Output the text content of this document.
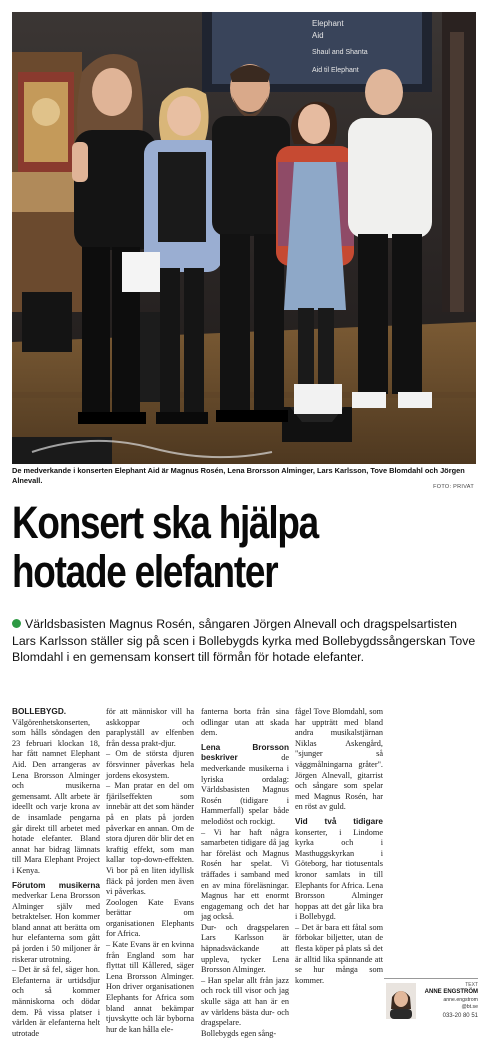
Elephant
Aid
Shaul and Shanta
Aid til Elephant
De medverkande i konserten Elephant Aid är Magnus Rosén, Lena Brorsson Alminger, Lars Karlsson, Tove Blomdahl och Jörgen Alnevall.
FOTO: PRIVAT
Konsert ska hjälpa
hotade elefanter
Världsbasisten Magnus Rosén, sångaren Jörgen Alnevall och dragspelsartisten Lars Karlsson ställer sig på scen i Bollebygds kyrka med Bollebygdssångerskan Tove Blomdahl i en gemensam konsert till förmån för hotade elefanter.

BOLLEBYGD. Välgörenhetskonserten, som hålls söndagen den 23 februari klockan 18, har fått namnet Elephant Aid. Den arrangeras av Lena Brorsson Alminger och musikerna gemensamt. Allt arbete är ideellt och varje krona av de insamlade pengarna går direkt till arbetet med hotade elefanter. Bland annat har bidrag lämnats till Mara Elephant Project i Kenya.

Förutom musikerna medverkar Lena Brorsson Alminger själv med betraktelser. Hon kommer bland annat att berätta om hur elefanterna som gått på jorden i 50 miljoner år riskerar utrotning.

– Det är så fel, säger hon. Elefanterna är urtidsdjur och så kommer människorna och dödar dem. På vissa platser i världen är elefanterna helt utrotade

för att människor vill ha askkoppar och paraplyställ av elfenben från dessa prakt-djur.

– Om de största djuren försvinner påverkas hela jordens ekosystem.

– Man pratar en del om fjärilseffekten som innebär att det som händer på en plats på jorden påverkar en annan. Om de stora djuren dör blir det en kraftig effekt, som man kallar top-down-effekten. Vi bor på en liten idyllisk fläck på jorden men även vi påverkas.

Zoologen Kate Evans berättar om organisationen Elephants for Africa.

– Kate Evans är en kvinna från England som har flyttat till Kållered, säger Lena Brorsson Alminger. Hon driver organisationen Elephants for Africa som bland annat bekämpar tjuvskytte och lär bybornа hur de kan hålla ele-

fanterna borta från sina odlingar utan att skada dem.

Lena Brorsson beskriver de medverkande musikerna i lyriska ordalag: Världsbasisten Magnus Rosén (tidigare i Hammerfall) spelar både melodiöst och rockigt.

– Vi har haft några samarbeten tidigare då jag har föreläst och Magnus Rosén har spelat. Vi träffades i samband med en av mina föreläsningar. Magnus har ett enormt engagemang och det har jag också.

Dur- och dragspelaren Lars Karlsson är häpnadsväckande att uppleva, tycker Lena Brorsson Alminger.

– Han spelar allt från jazz och rock till visor och jag skulle säga att han är en av världens bästa dur- och dragspelare.

Bollebygds egen sång-

fågel Tove Blomdahl, som har uppträtt med bland andra musikalstjärnan Niklas Askengård, "sjunger så väggmålningarna gråter". Jörgen Alnevall, gitarrist och sångare som spelar med Magnus Rosén, har en röst av guld.

Vid två tidigare konserter, i Lindome kyrka och i Masthuggskyrkan i Göteborg, har tiotusentals kronor samlats in till Elephants for Africa. Lena Brorsson Alminger hoppas att det går lika bra i Bollebygd.

– Det är bara ett fåtal som förbokar biljetter, utan de flesta köper på plats så det är alltid lika spännande att se hur många som kommer.

TEXT
ANNE ENGSTRÖM
anne.engstrom
@bt.se
033-20 80 51
